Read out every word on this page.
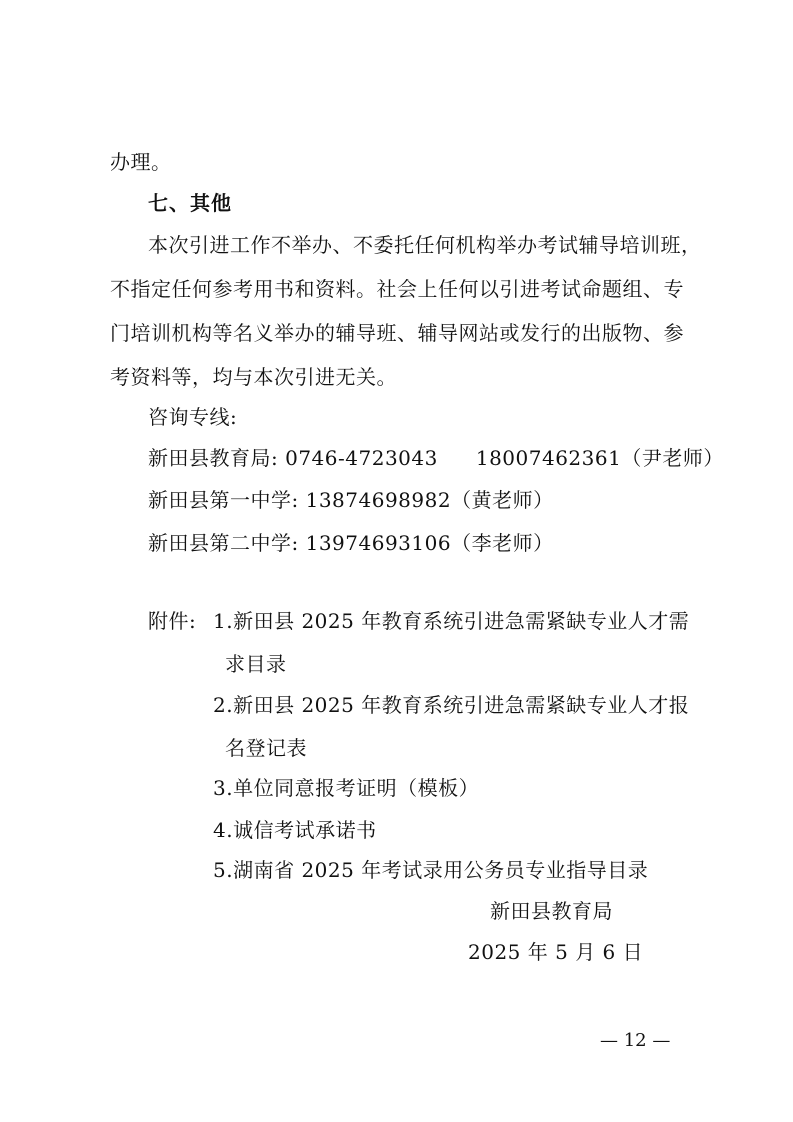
办理。
七、其他
本次引进工作不举办、不委托任何机构举办考试辅导培训班，
不指定任何参考用书和资料。社会上任何以引进考试命题组、专
门培训机构等名义举办的辅导班、辅导网站或发行的出版物、参
考资料等，均与本次引进无关。
咨询专线:
新田县教育局: 0746-4723043 18007462361（尹老师）
新田县第一中学: 13874698982（黄老师）
新田县第二中学: 13974693106（李老师）
附件: 1.新田县 2025 年教育系统引进急需紧缺专业人才需
求目录
2.新田县 2025 年教育系统引进急需紧缺专业人才报
名登记表
3.单位同意报考证明（模板）
4.诚信考试承诺书
5.湖南省 2025 年考试录用公务员专业指导目录
新田县教育局
2025 年 5 月 6 日
— 12 —
